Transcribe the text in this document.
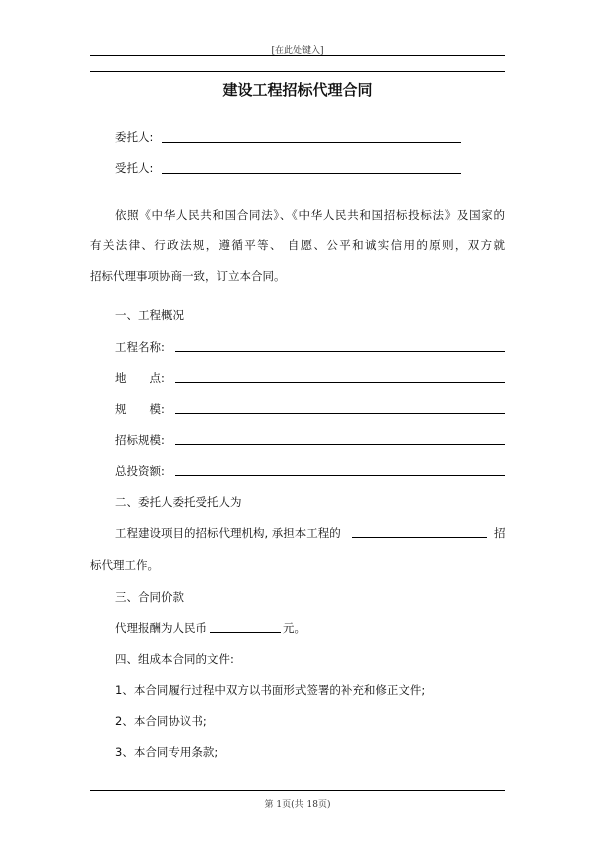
[在此处键入]
建设工程招标代理合同
委托人:
受托人:
依照《中华人民共和国合同法》、《中华人民共和国招标投标法》及国家的
有关法律、行政法规，遵循平等、 自愿、公平和诚实信用的原则，双方就
招标代理事项协商一致，订立本合同。
一、工程概况
工程名称:
地　　点:
规　　模:
招标规模:
总投资额:
二、委托人委托受托人为
工程建设项目的招标代理机构, 承担本工程的	招
标代理工作。
三、合同价款
代理报酬为人民币	元。
四、组成本合同的文件:
1、本合同履行过程中双方以书面形式签署的补充和修正文件;
2、本合同协议书;
3、本合同专用条款;
第 1页(共 18页)
